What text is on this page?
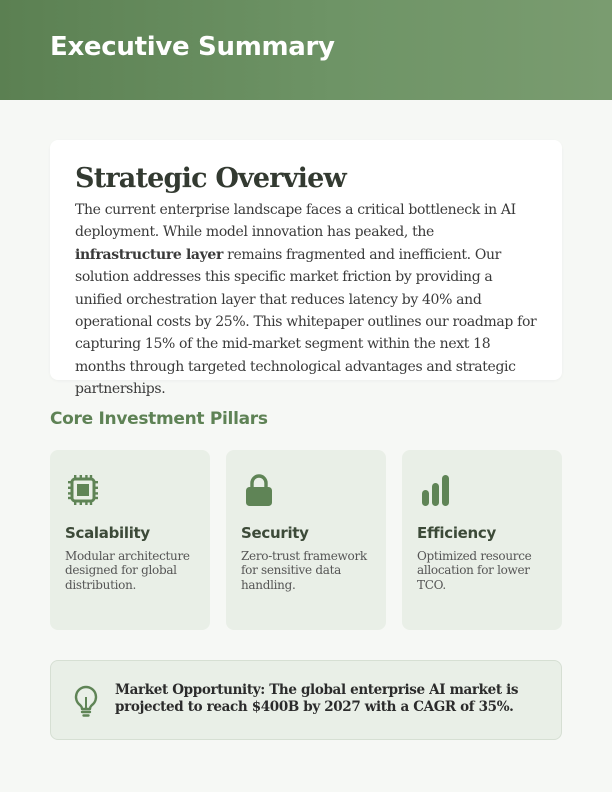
Executive Summary
Strategic Overview

The current enterprise landscape faces a critical bottleneck in AI deployment. While model innovation has peaked, the infrastructure layer remains fragmented and inefficient. Our solution addresses this specific market friction by providing a unified orchestration layer that reduces latency by 40% and operational costs by 25%. This whitepaper outlines our roadmap for capturing 15% of the mid-market segment within the next 18 months through targeted technological advantages and strategic partnerships.

Core Investment Pillars
Scalability

Modular architecture designed for global distribution.

Security

Zero-trust framework for sensitive data handling.

Efficiency

Optimized resource allocation for lower TCO.

Market Opportunity: The global enterprise AI market is projected to reach $400B by 2027 with a CAGR of 35%.
